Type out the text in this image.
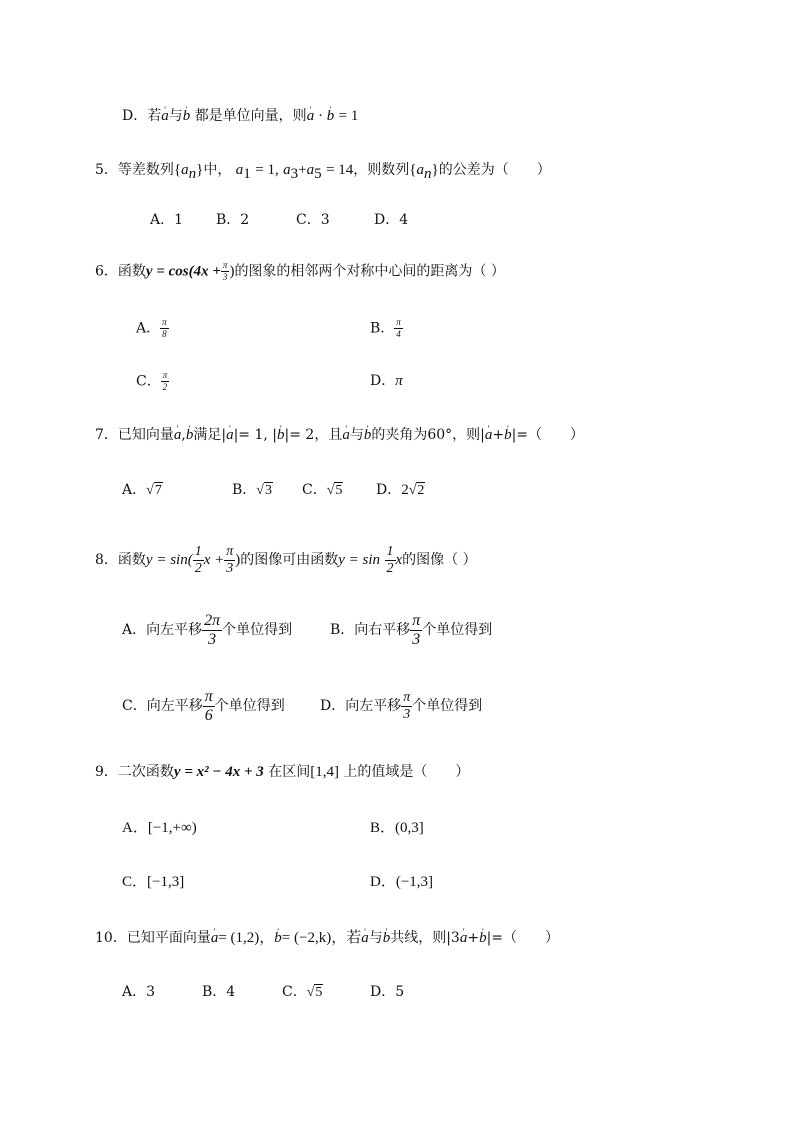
D．若' a与' b 都是单位向量，则' a · ' b = 1
5．等差数列$\{a_n\}$中， $a_1 = 1$, $a_3+a_5 = 14$，则数列$\{a_n\}$的公差为（　　）
A．1 B．2	C．3	D．4
6．函数$y = \cos(4x + \frac{\pi}{3}$ )的图象的相邻两个对称中心间的距离为（ ）
A． $\frac{\pi}{8}$	B． $\frac{\pi}{4}$
C． $\frac{\pi}{2}$	D．π
7．已知向量' a,' b满足|' a|= 1, |' b|= 2，且' a与' b的夹角为60°，则|' a+' b|=（　　）
A．√7	B．√3 C．√5 D．2√2
8．函数$y = \sin( \frac{1}{2}$ $x + \frac{\pi}{3}$ )的图像可由函数$y = \sin \frac{1}{2}$ x的图像（ ）
A．向左平移 $\frac{2\pi}{3}$ 个单位得到	B．向右平移 $\frac{\pi}{3}$ 个单位得到
C．向左平移 $\frac{\pi}{6}$ 个单位得到	D．向左平移 $\frac{\pi}{3}$ 个单位得到
9．二次函数y = x² − 4x + 3 在区间[1,4] 上的值域是（　　）
A．[−1,+∞)	B．(0,3]
C．[−1,3]	D．(−1,3]
10．已知平面向量' a= (1,2)，' b= (−2,k)，若' a与' b共线，则|3' a+' b|=（　　）
A．3	B．4	C．√5	D．5
